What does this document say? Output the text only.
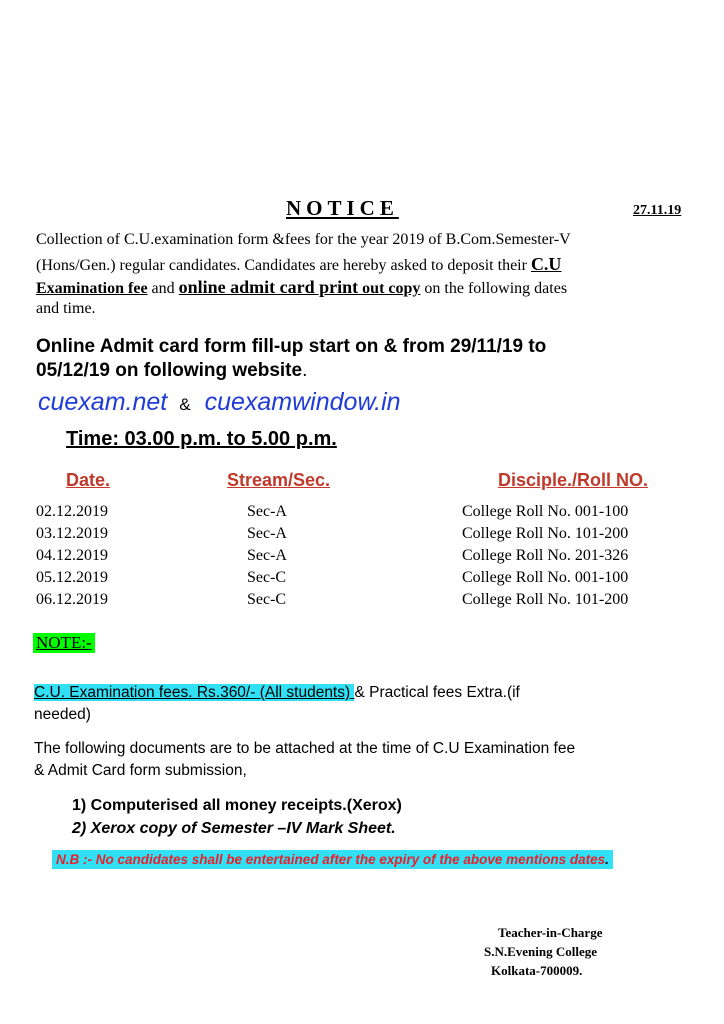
NOTICE	27.11.19
Collection of C.U.examination form &fees for the year 2019 of B.Com.Semester-V
(Hons/Gen.) regular candidates. Candidates are hereby asked to deposit their C.U
Examination fee and online admit card print out copy on the following dates
and time.
Online Admit card form fill-up start on & from 29/11/19 to
05/12/19 on following website.
cuexam.net & cuexamwindow.in
Time: 03.00 p.m. to 5.00 p.m.
Date.	Stream/Sec.	Disciple./Roll NO.
02.12.2019	Sec-A	College Roll No. 001-100
03.12.2019	Sec-A	College Roll No. 101-200
04.12.2019	Sec-A	College Roll No. 201-326
05.12.2019	Sec-C	College Roll No. 001-100
06.12.2019	Sec-C	College Roll No. 101-200
NOTE:-
C.U. Examination fees. Rs.360/- (All students) & Practical fees Extra.(if
needed)
The following documents are to be attached at the time of C.U Examination fee
& Admit Card form submission,
1) Computerised all money receipts.(Xerox)
2) Xerox copy of Semester –IV Mark Sheet.
N.B :- No candidates shall be entertained after the expiry of the above mentions dates.
Teacher-in-Charge
S.N.Evening College
Kolkata-700009.
